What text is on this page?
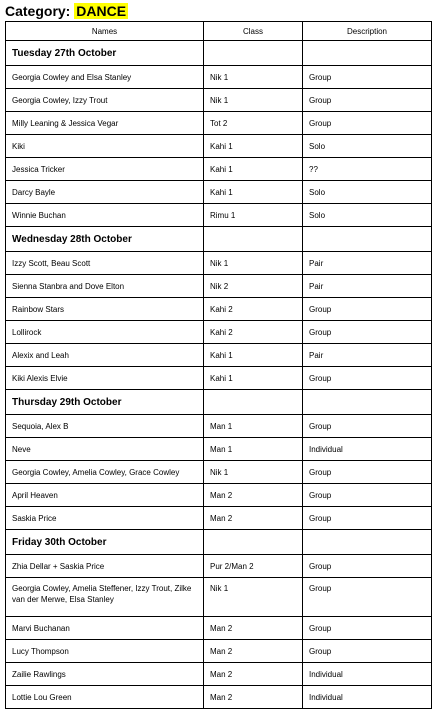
Category: DANCE
Names	Class	Description
Tuesday 27th October		
Georgia Cowley and Elsa Stanley	Nik 1	Group
Georgia Cowley, Izzy Trout	Nik 1	Group
Milly Leaning & Jessica Vegar	Tot 2	Group
Kiki	Kahi 1	Solo
Jessica Tricker	Kahi 1	??
Darcy Bayle	Kahi 1	Solo
Winnie Buchan	Rimu 1	Solo
Wednesday 28th October		
Izzy Scott, Beau Scott	Nik 1	Pair
Sienna Stanbra and Dove Elton	Nik 2	Pair
Rainbow Stars	Kahi 2	Group
Lollirock	Kahi 2	Group
Alexix and Leah	Kahi 1	Pair
Kiki Alexis Elvie	Kahi 1	Group
Thursday 29th October		
Sequoia, Alex B	Man 1	Group
Neve	Man 1	Individual
Georgia Cowley, Amelia Cowley, Grace Cowley	Nik 1	Group
April Heaven	Man 2	Group
Saskia Price	Man 2	Group
Friday 30th October		
Zhia Dellar + Saskia Price	Pur 2/Man 2	Group
Georgia Cowley, Amelia Steffener, Izzy Trout, Zilke van der Merwe, Elsa Stanley	Nik 1	Group
Marvi Buchanan	Man 2	Group
Lucy Thompson	Man 2	Group
Zailie Rawlings	Man 2	Individual
Lottie Lou Green	Man 2	Individual
